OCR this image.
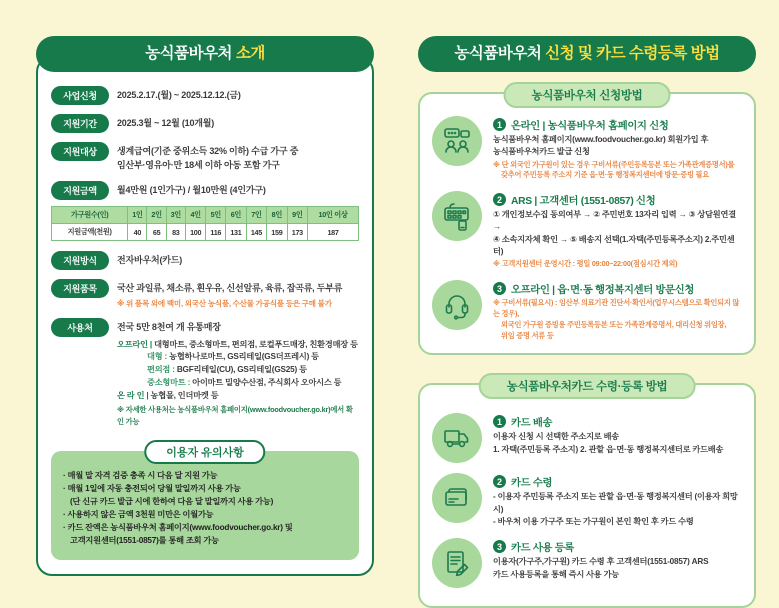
농식품바우처 소개
사업신청	2025.2.17.(월) ~ 2025.12.12.(금)
지원기간	2025.3월 ~ 12월 (10개월)
지원대상	생계급여(기준 중위소득 32% 이하) 수급 가구 중
임산부·영유아·만 18세 이하 아동 포함 가구
지원금액	월4만원 (1인가구) / 월10만원 (4인가구)
가구원수(인)	1인	2인	3인	4인	5인	6인	7인	8인	9인	10인 이상
지원금액(천원)	40	65	83	100	116	131	145	159	173	187
지원방식	전자바우처(카드)
지원품목	국산 과일류, 채소류, 흰우유, 신선알류, 육류, 잡곡류, 두부류
※ 위 품목 외에 백미, 외국산 농식품, 수산물 가공식품 등은 구매 불가
사용처	전국 5만 8천여 개 유통매장
오프라인 | 대형마트, 중소형마트, 편의점, 로컬푸드매장, 친환경매장 등
대형 : 농협하나로마트, GS리테일(GS더프레시) 등
편의점 : BGF리테일(CU), GS리테일(GS25) 등
중소형마트 : 아이마트 밀양수산점, 주식회사 오아시스 등
온 라 인 | 농협몰, 인더마켓 등
※ 자세한 사용처는 농식품바우처 홈페이지(www.foodvoucher.go.kr)에서 확인 가능
이용자 유의사항
· 매월 말 자격 검증 충족 시 다음 달 지원 가능
· 매월 1일에 자동 충전되어 당월 말일까지 사용 가능
(단 신규 카드 발급 시에 한하여 다음 달 말일까지 사용 가능)
· 사용하지 않은 금액 3천원 미만은 이월가능
· 카드 잔액은 농식품바우처 홈페이지(www.foodvoucher.go.kr) 및
고객지원센터(1551-0857)를 통해 조회 가능
농식품바우처 신청 및 카드 수령등록 방법
농식품바우처 신청방법
1 온라인 | 농식품바우처 홈페이지 신청
농식품바우처 홈페이지(www.foodvoucher.go.kr) 회원가입 후
농식품바우처카드 발급 신청
※ 단 외국인 가구원이 있는 경우 구비서류(주민등록등본 또는 가족관계증명서)를
갖추어 주민등록 주소지 기준 읍·면·동 행정복지센터에 방문·증빙 필요
2 ARS | 고객센터 (1551-0857) 신청
① 개인정보수집 동의여부 → ② 주민번호 13자리 입력 → ③ 상담원연결 →
④ 소속지자체 확인 → ⑤ 배송지 선택(1.자택(주민등록주소지) 2.주민센터)
※ 고객지원센터 운영시간 : 평일 09:00~22:00(점심시간 제외)
3 오프라인 | 읍·면·동 행정복지센터 방문신청
※ 구비서류(필요시) : 임산부 의료기관 진단서·확인서(업무시스템으로 확인되지 않는 경우),
외국인 가구원 증빙용 주민등록등본 또는 가족관계증명서, 대리신청 위임장,
위임 증명 서류 등
농식품바우처카드 수령·등록 방법
1 카드 배송
이용자 신청 시 선택한 주소지로 배송
1. 자택(주민등록 주소지) 2. 관할 읍·면·동 행정복지센터로 카드배송
2 카드 수령
- 이용자 주민등록 주소지 또는 관할 읍·면·동 행정복지센터 (이용자 희망 시)
- 바우처 이용 가구주 또는 가구원이 본인 확인 후 카드 수령
3 카드 사용 등록
이용자(가구주,가구원) 카드 수령 후 고객센터(1551-0857) ARS
카드 사용등록을 통해 즉시 사용 가능
